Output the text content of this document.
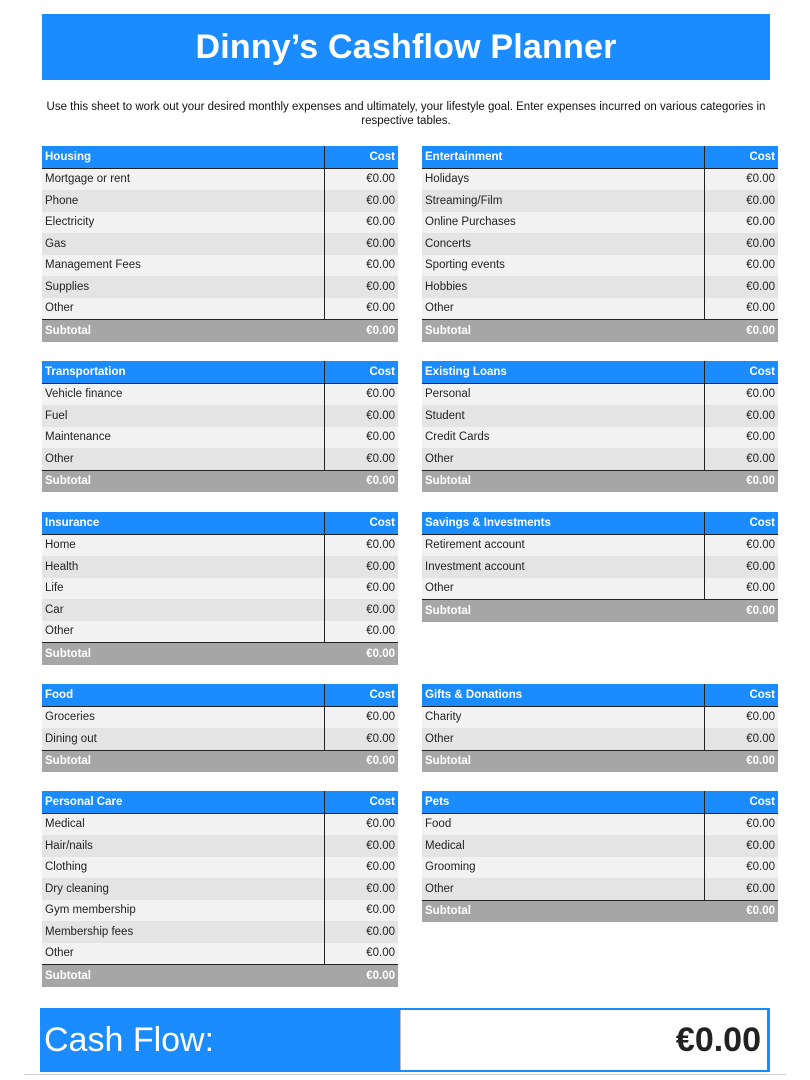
Dinny’s Cashflow Planner
Use this sheet to work out your desired monthly expenses and ultimately, your lifestyle goal. Enter expenses incurred on various categories in respective tables.
Housing	Cost
Mortgage or rent	€0.00
Phone	€0.00
Electricity	€0.00
Gas	€0.00
Management Fees	€0.00
Supplies	€0.00
Other	€0.00
Subtotal	€0.00
Entertainment	Cost
Holidays	€0.00
Streaming/Film	€0.00
Online Purchases	€0.00
Concerts	€0.00
Sporting events	€0.00
Hobbies	€0.00
Other	€0.00
Subtotal	€0.00
Transportation	Cost
Vehicle finance	€0.00
Fuel	€0.00
Maintenance	€0.00
Other	€0.00
Subtotal	€0.00
Existing Loans	Cost
Personal	€0.00
Student	€0.00
Credit Cards	€0.00
Other	€0.00
Subtotal	€0.00
Insurance	Cost
Home	€0.00
Health	€0.00
Life	€0.00
Car	€0.00
Other	€0.00
Subtotal	€0.00
Savings & Investments	Cost
Retirement account	€0.00
Investment account	€0.00
Other	€0.00
Subtotal	€0.00
Food	Cost
Groceries	€0.00
Dining out	€0.00
Subtotal	€0.00
Gifts & Donations	Cost
Charity	€0.00
Other	€0.00
Subtotal	€0.00
Personal Care	Cost
Medical	€0.00
Hair/nails	€0.00
Clothing	€0.00
Dry cleaning	€0.00
Gym membership	€0.00
Membership fees	€0.00
Other	€0.00
Subtotal	€0.00
Pets	Cost
Food	€0.00
Medical	€0.00
Grooming	€0.00
Other	€0.00
Subtotal	€0.00
Cash Flow:	€0.00
